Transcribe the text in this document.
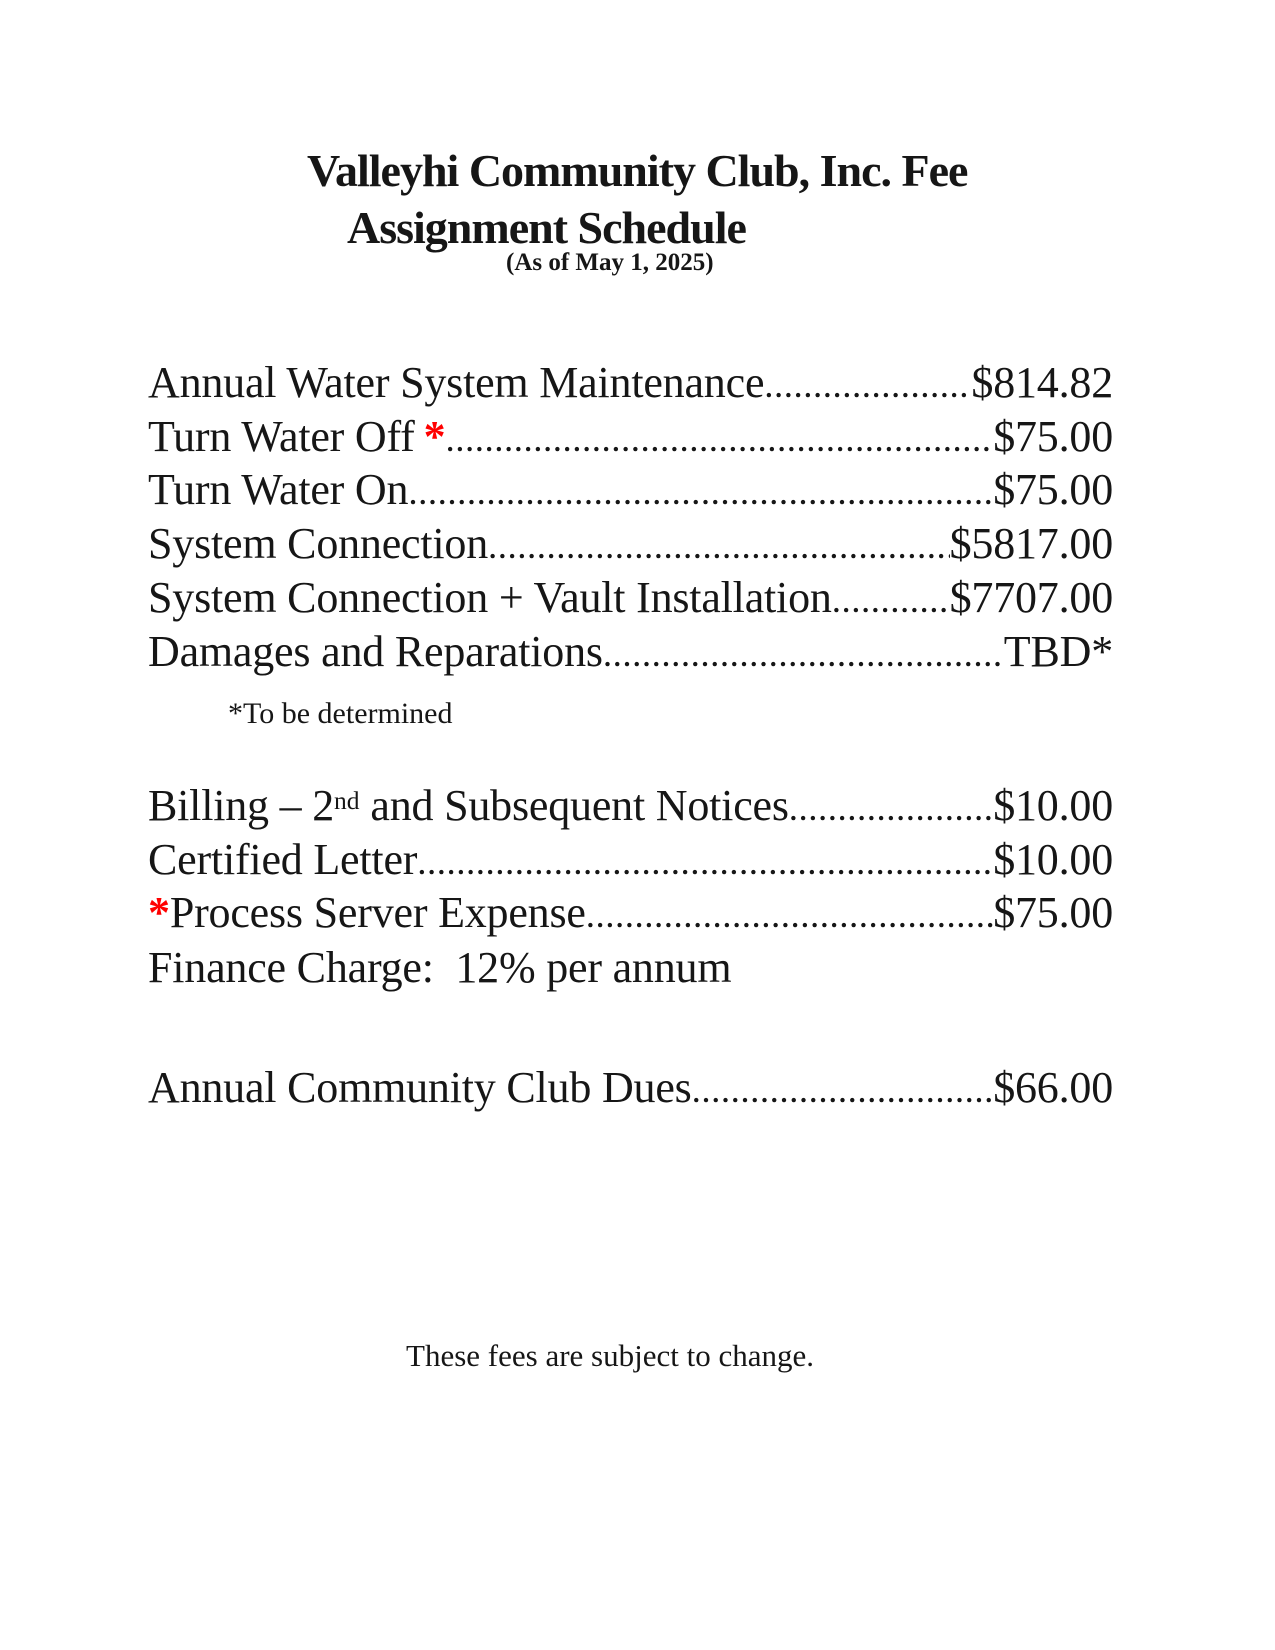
Valleyhi Community Club, Inc. Fee
Assignment Schedule
(As of May 1, 2025)
Annual Water System Maintenance .....	$814.82
Turn Water Off * .....	$75.00
Turn Water On .....	$75.00
System Connection .....	$5817.00
System Connection + Vault Installation .....	$7707.00
Damages and Reparations .....	TBD*
*To be determined
Billing – 2 nd and Subsequent Notices .....	$10.00
Certified Letter .....	$10.00
* Process Server Expense .....	$75.00
Finance Charge:  12% per annum
Annual Community Club Dues .....	$66.00
These fees are subject to change.
